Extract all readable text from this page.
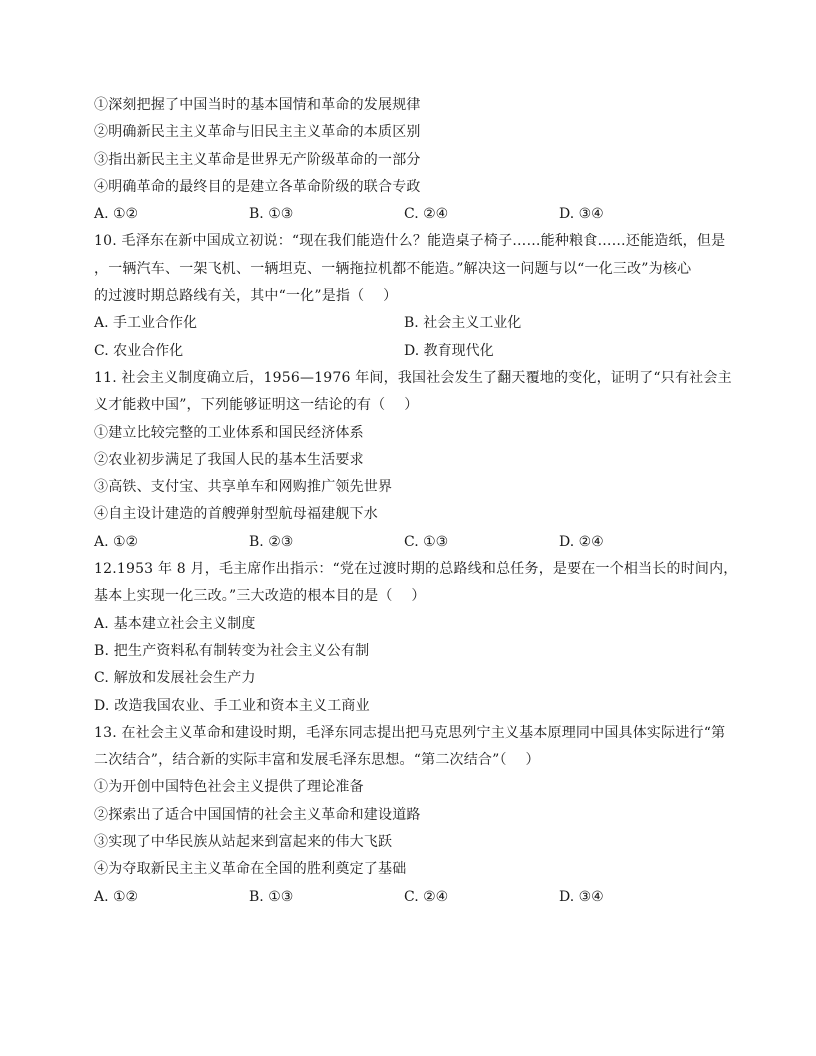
①深刻把握了中国当时的基本国情和革命的发展规律
②明确新民主主义革命与旧民主主义革命的本质区别
③指出新民主主义革命是世界无产阶级革命的一部分
④明确革命的最终目的是建立各革命阶级的联合专政
A. ①②	B. ①③	C. ②④	D. ③④
10. 毛泽东在新中国成立初说：“现在我们能造什么？能造桌子椅子……能种粮食……还能造纸，但是
，一辆汽车、一架飞机、一辆坦克、一辆拖拉机都不能造。”解决这一问题与以“一化三改”为核心
的过渡时期总路线有关，其中“一化”是指（　 ）
A. 手工业合作化	B. 社会主义工业化
C. 农业合作化	D. 教育现代化
11. 社会主义制度确立后，1956—1976 年间，我国社会发生了翻天覆地的变化，证明了“只有社会主
义才能救中国”，下列能够证明这一结论的有（　 ）
①建立比较完整的工业体系和国民经济体系
②农业初步满足了我国人民的基本生活要求
③高铁、支付宝、共享单车和网购推广领先世界
④自主设计建造的首艘弹射型航母福建舰下水
A. ①②	B. ②③	C. ①③	D. ②④
12.1953 年 8 月，毛主席作出指示：“党在过渡时期的总路线和总任务，是要在一个相当长的时间内，
基本上实现一化三改。”三大改造的根本目的是（　 ）
A. 基本建立社会主义制度
B. 把生产资料私有制转变为社会主义公有制
C. 解放和发展社会生产力
D. 改造我国农业、手工业和资本主义工商业
13. 在社会主义革命和建设时期，毛泽东同志提出把马克思列宁主义基本原理同中国具体实际进行“第
二次结合”，结合新的实际丰富和发展毛泽东思想。“第二次结合”（　 ）
①为开创中国特色社会主义提供了理论准备
②探索出了适合中国国情的社会主义革命和建设道路
③实现了中华民族从站起来到富起来的伟大飞跃
④为夺取新民主主义革命在全国的胜利奠定了基础
A. ①②	B. ①③	C. ②④	D. ③④
